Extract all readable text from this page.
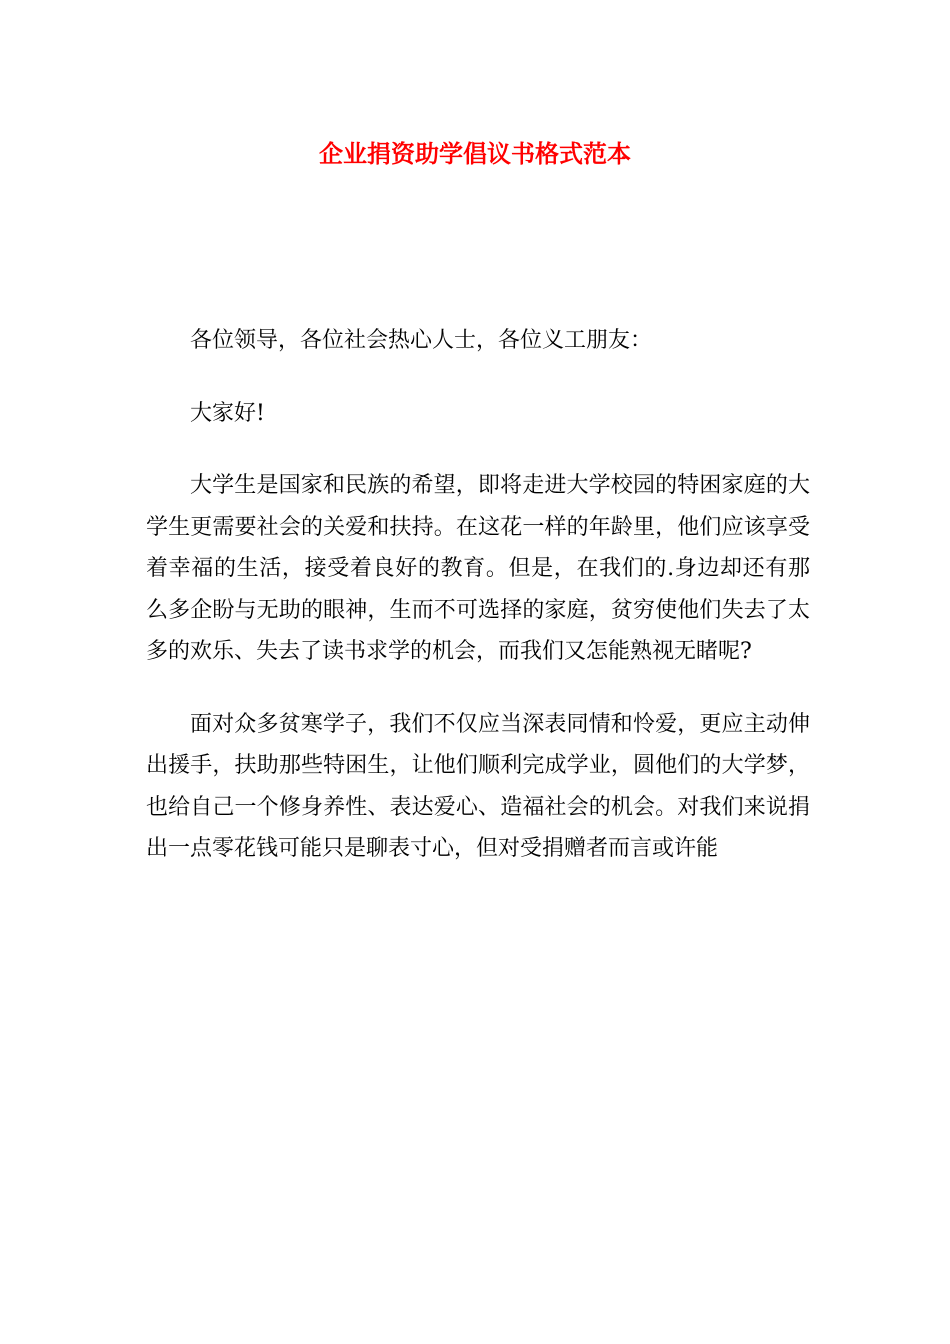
企业捐资助学倡议书格式范本

各位领导，各位社会热心人士，各位义工朋友：

大家好!

大学生是国家和民族的希望，即将走进大学校园的特困家庭的大学生更需要社会的关爱和扶持。在这花一样的年龄里，他们应该享受着幸福的生活，接受着良好的教育。但是，在我们的.身边却还有那么多企盼与无助的眼神，生而不可选择的家庭，贫穷使他们失去了太多的欢乐、失去了读书求学的机会，而我们又怎能熟视无睹呢?

面对众多贫寒学子，我们不仅应当深表同情和怜爱，更应主动伸出援手，扶助那些特困生，让他们顺利完成学业，圆他们的大学梦，也给自己一个修身养性、表达爱心、造福社会的机会。对我们来说捐出一点零花钱可能只是聊表寸心，但对受捐赠者而言或许能
